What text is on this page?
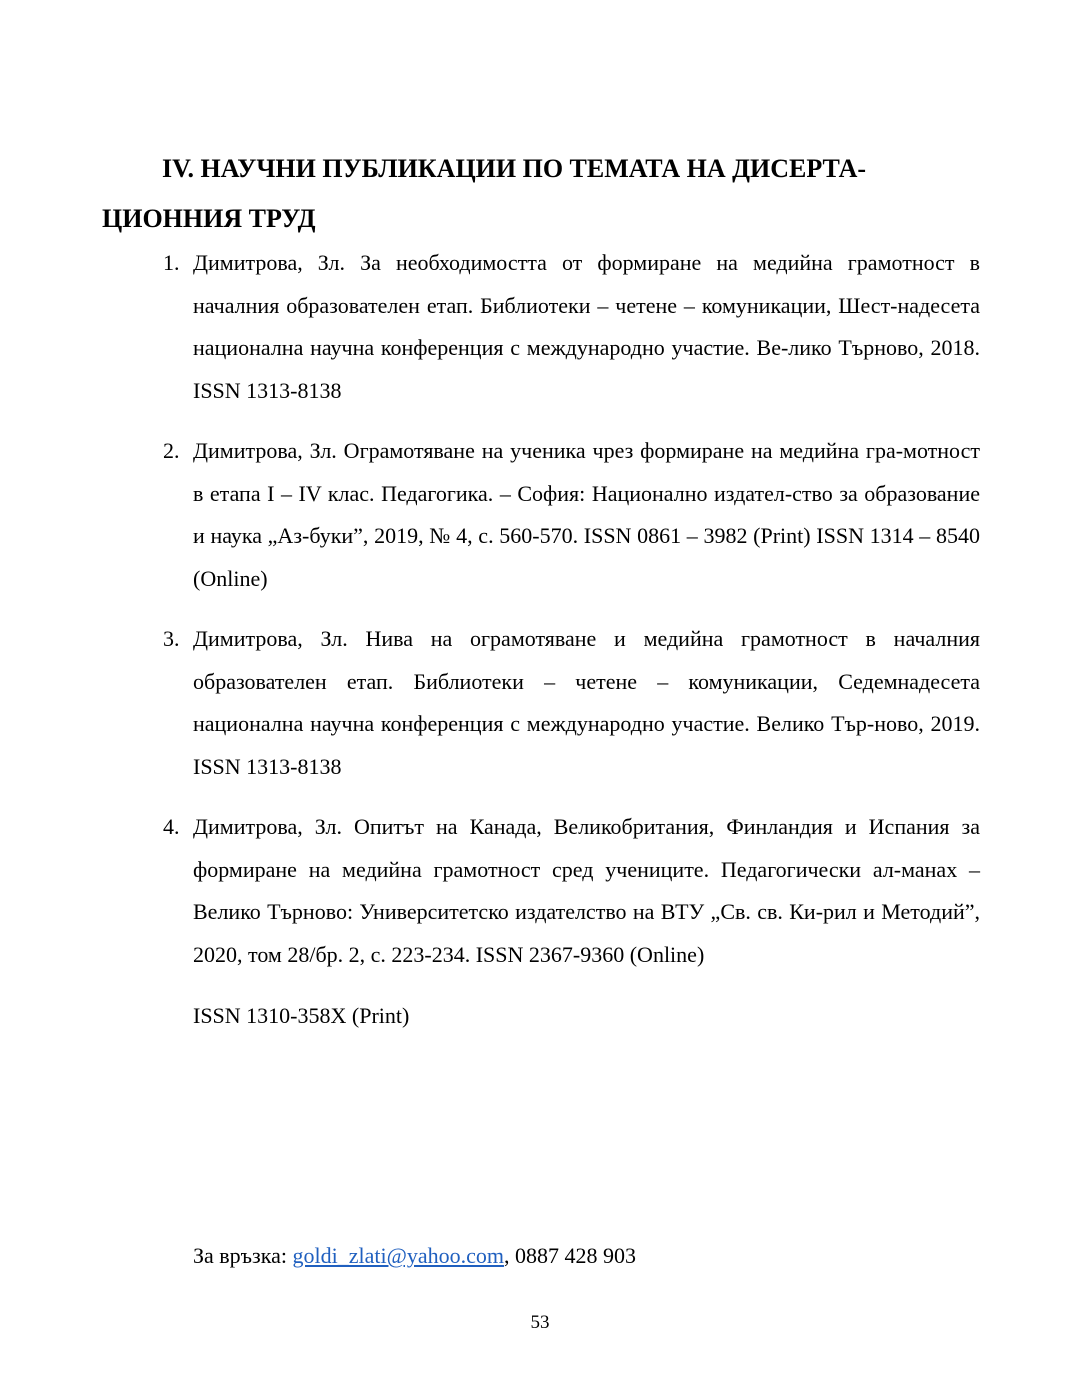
IV. НАУЧНИ ПУБЛИКАЦИИ ПО ТЕМАТА НА ДИСЕРТА-
ЦИОННИЯ ТРУД
1. Димитрова, Зл. За необходимостта от формиране на медийна грамотност в началния образователен етап. Библиотеки – четене – комуникации, Шест-надесета национална научна конференция с международно участие. Ве-лико Търново, 2018. ISSN 1313-8138
2. Димитрова, Зл. Ограмотяване на ученика чрез формиране на медийна гра-мотност в етапа I – IV клас. Педагогика. – София: Национално издател-ство за образование и наука „Аз-буки”, 2019, № 4, с. 560-570. ISSN 0861 – 3982 (Print) ISSN 1314 – 8540 (Online)
3. Димитрова, Зл. Нива на ограмотяване и медийна грамотност в началния образователен етап. Библиотеки – четене – комуникации, Седемнадесета национална научна конференция с международно участие. Велико Тър-ново, 2019. ISSN 1313-8138
4. Димитрова, Зл. Опитът на Канада, Великобритания, Финландия и Испания за формиране на медийна грамотност сред учениците. Педагогически ал-манах – Велико Търново: Университетско издателство на ВТУ „Св. св. Ки-рил и Методий”, 2020, том 28/бр. 2, с. 223-234. ISSN 2367-9360 (Online)
ISSN 1310-358X (Print)
За връзка: goldi_zlati@yahoo.com, 0887 428 903
53
